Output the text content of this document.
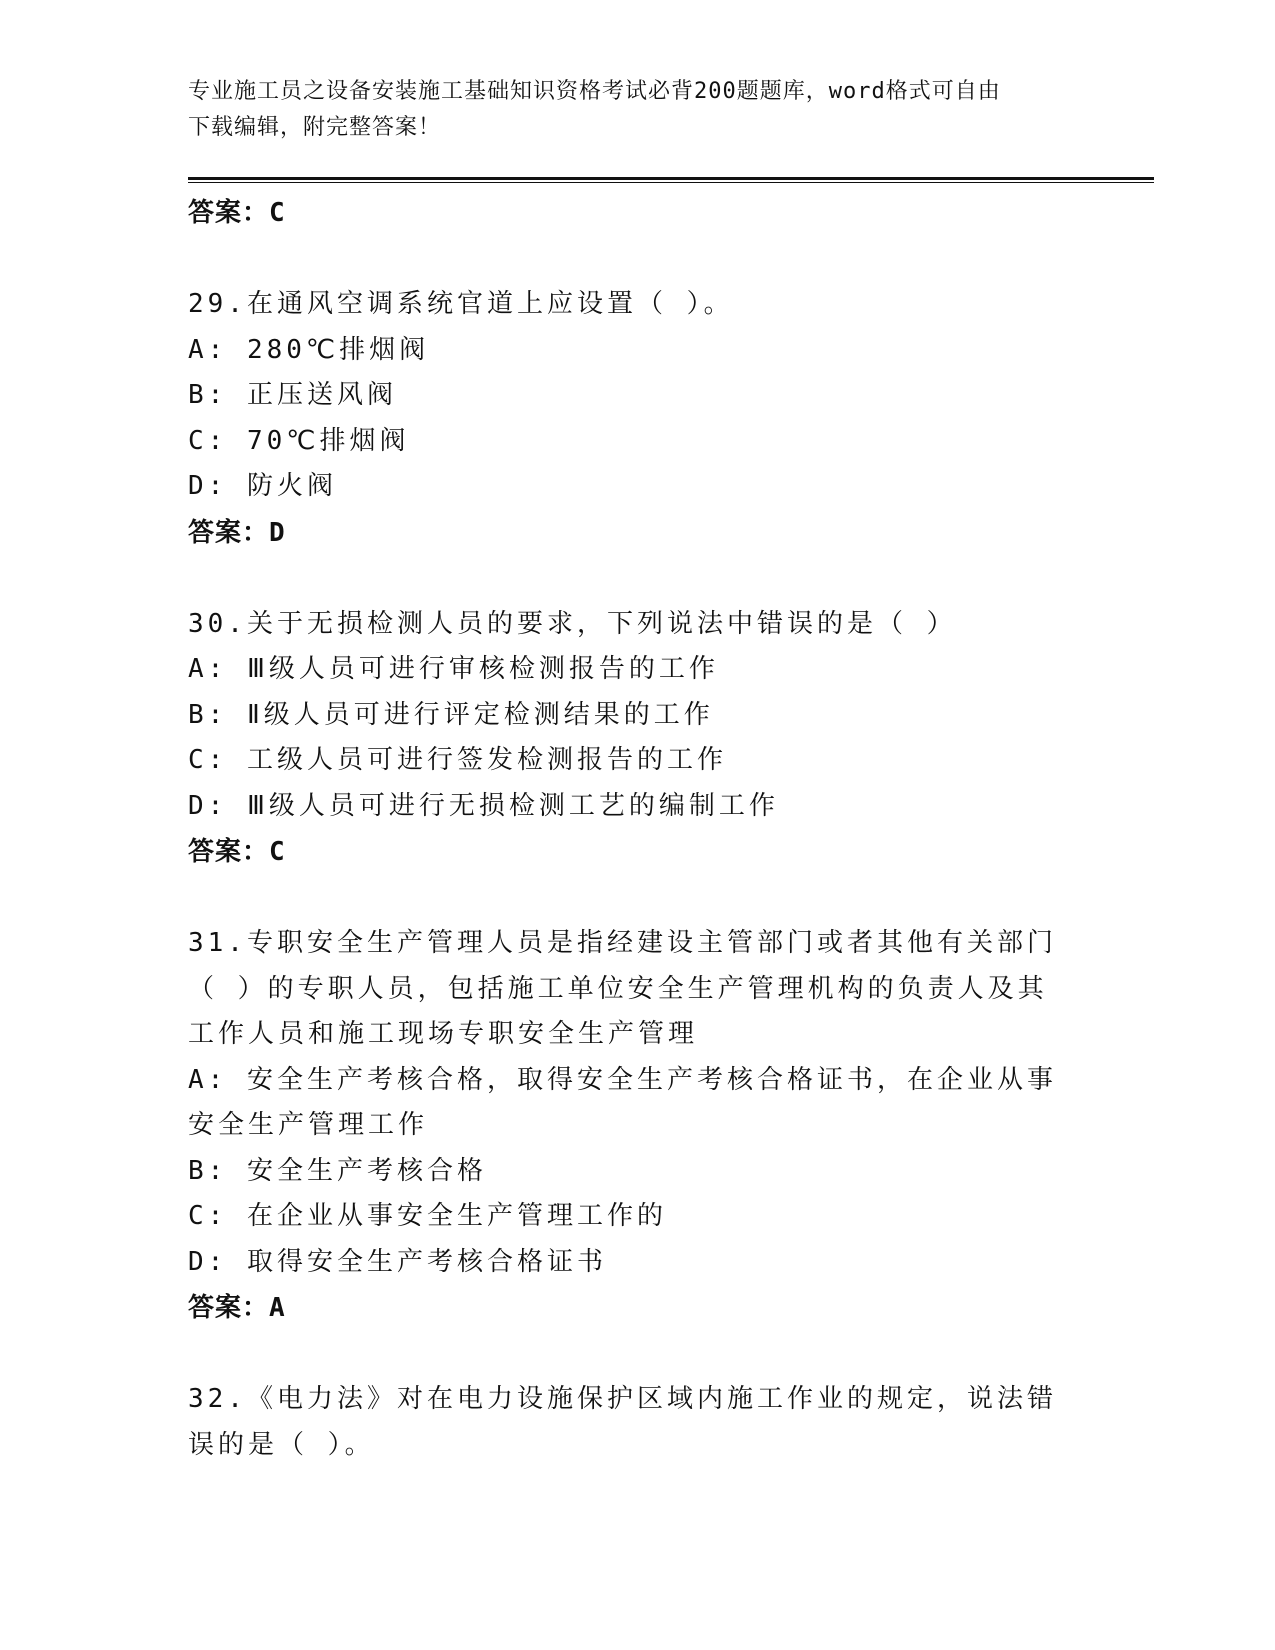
专业施工员之设备安装施工基础知识资格考试必背200题题库，word格式可自由
下载编辑，附完整答案！
答案：C
29.在通风空调系统官道上应设置（ ）。
A: 280℃排烟阀
B: 正压送风阀
C: 70℃排烟阀
D: 防火阀
答案：D
30.关于无损检测人员的要求，下列说法中错误的是（ ）
A: Ⅲ级人员可进行审核检测报告的工作
B: Ⅱ级人员可进行评定检测结果的工作
C: 工级人员可进行签发检测报告的工作
D: Ⅲ级人员可进行无损检测工艺的编制工作
答案：C
31.专职安全生产管理人员是指经建设主管部门或者其他有关部门（ ）的专职人员，包括施工单位安全生产管理机构的负责人及其工作人员和施工现场专职安全生产管理
A: 安全生产考核合格，取得安全生产考核合格证书，在企业从事安全生产管理工作
B: 安全生产考核合格
C: 在企业从事安全生产管理工作的
D: 取得安全生产考核合格证书
答案：A
32.《电力法》对在电力设施保护区域内施工作业的规定，说法错误的是（ ）。
